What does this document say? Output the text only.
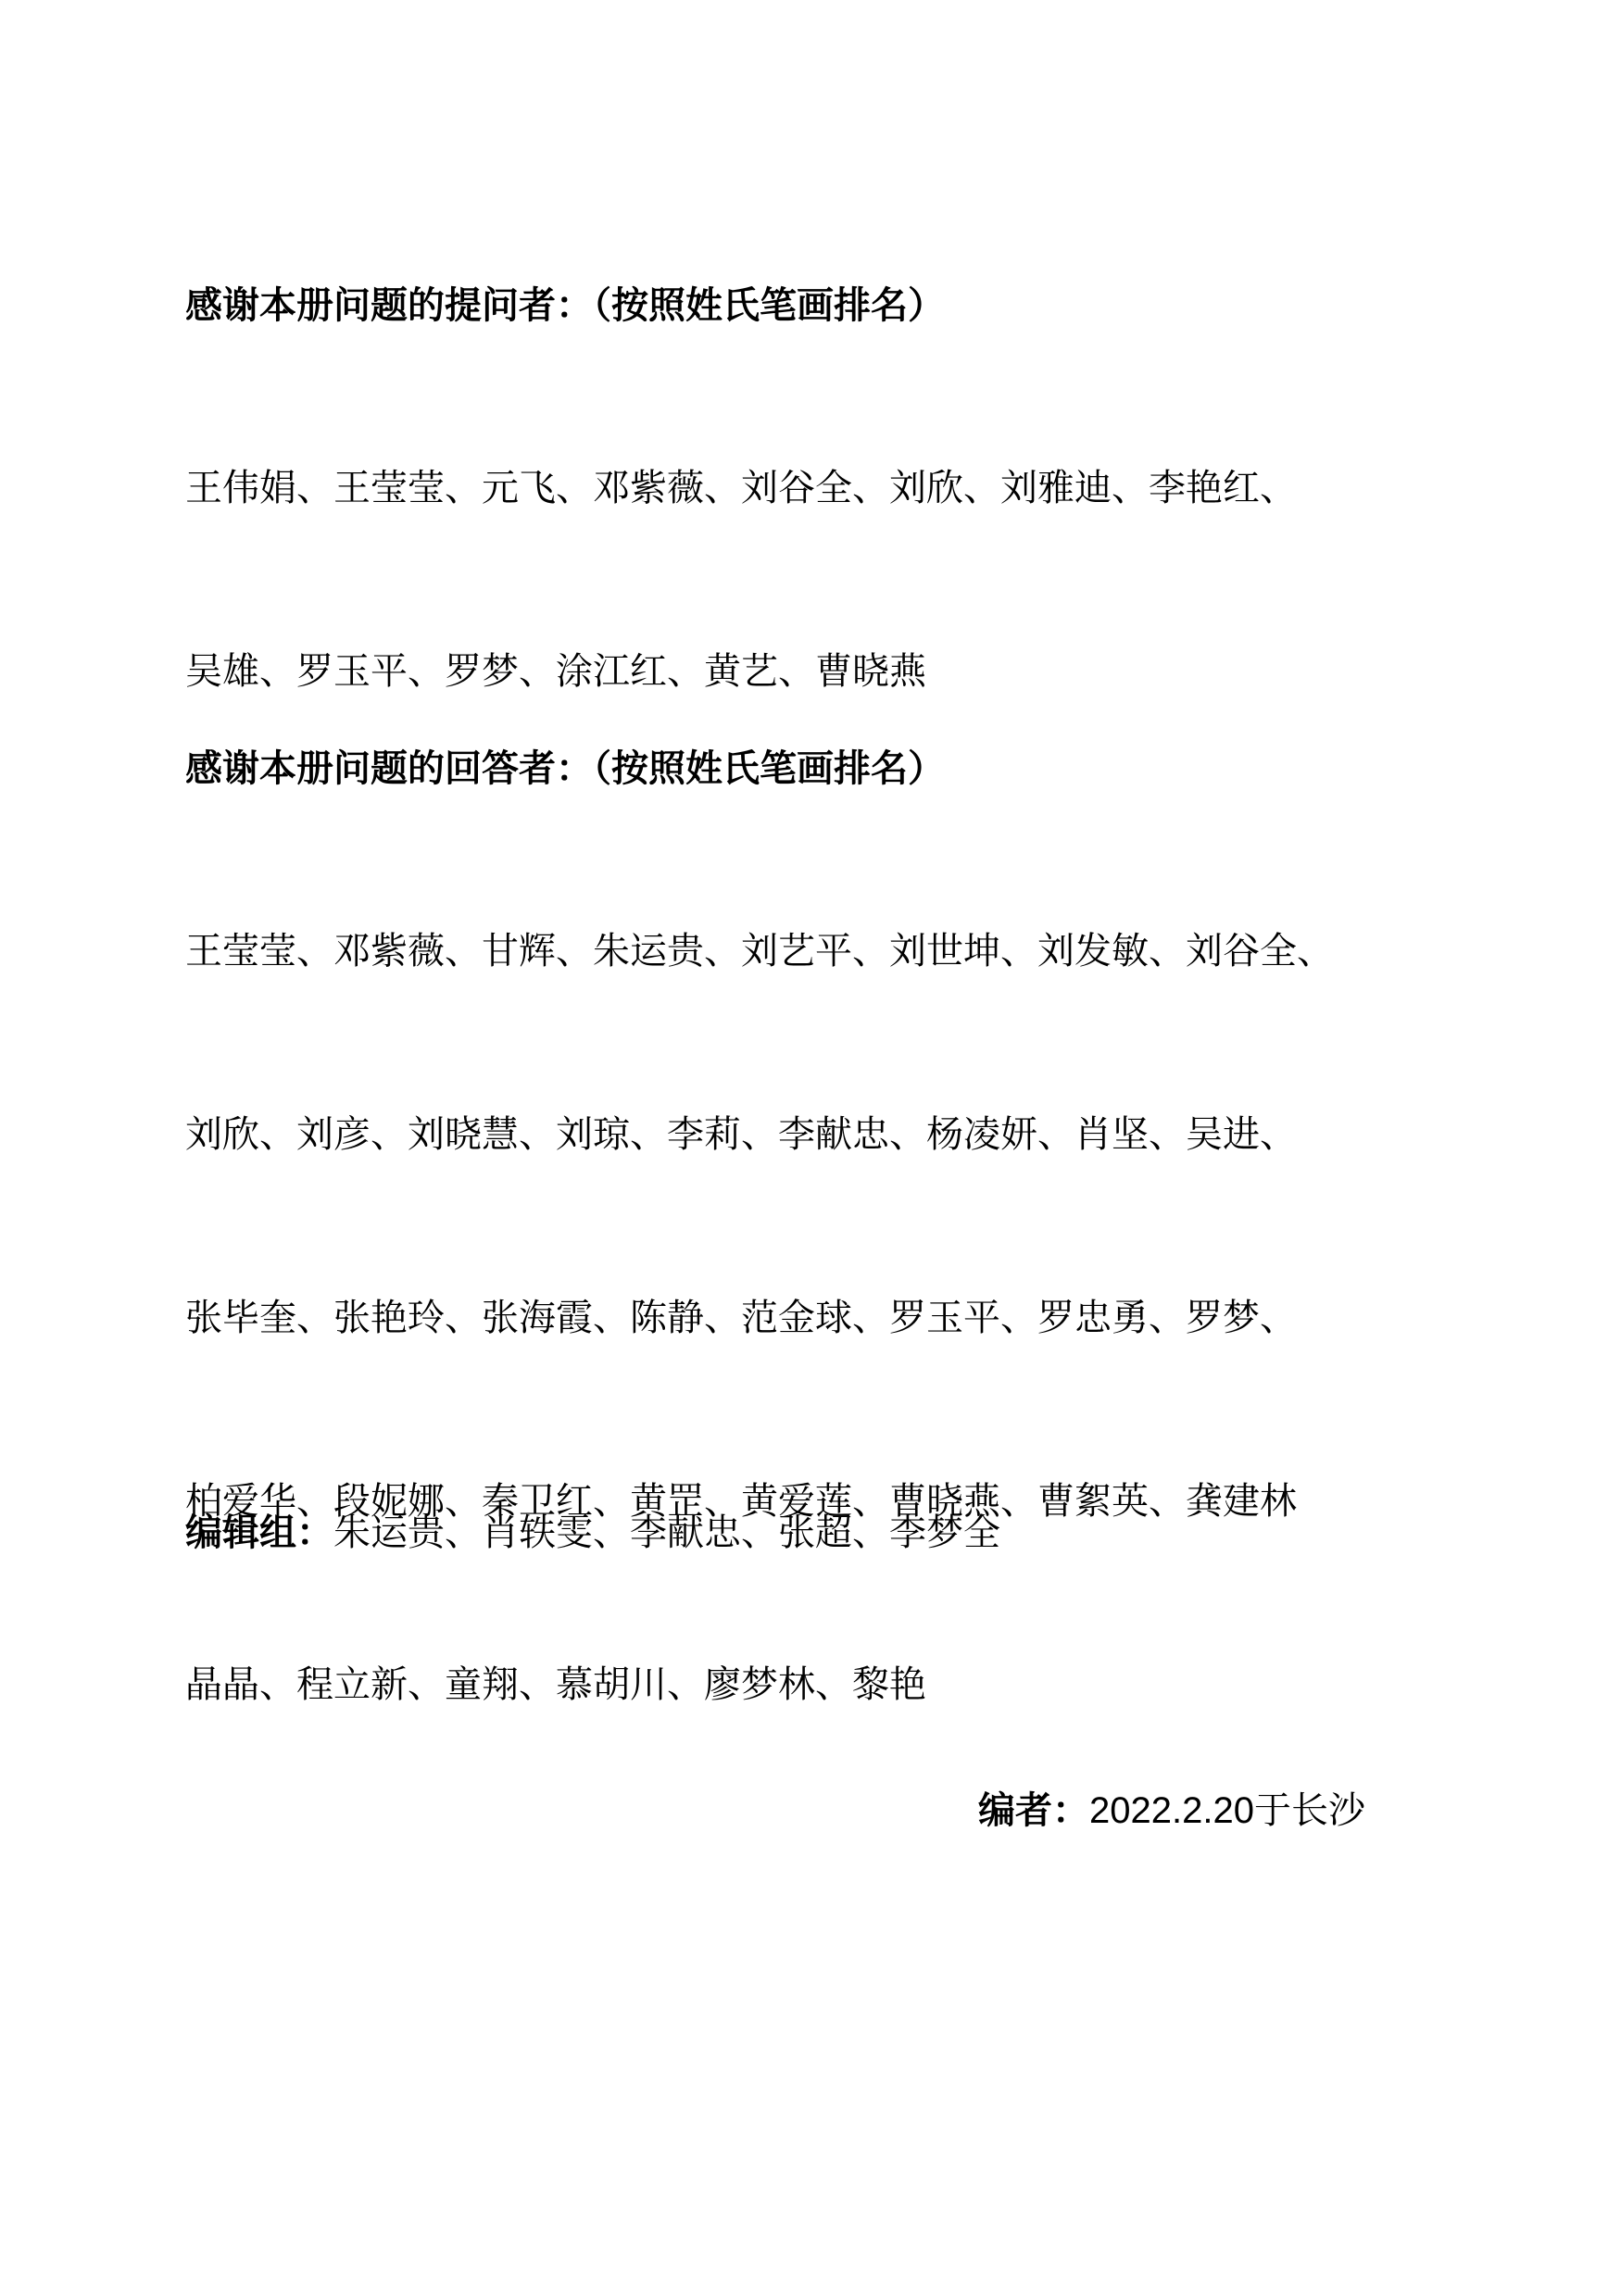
感谢本册问题的提问者：（按照姓氏笔画排名）

王伟娟、王莹莹、元飞、邓紫薇、刘谷全、刘欣、刘雅迪、李艳红、

吴雄、罗玉平、罗梦、涂江红、黄艺、曹晓燕

感谢本册问题的回答者：（按照姓氏笔画排名）

王莹莹、邓紫薇、甘辉、朱运贵、刘艺平、刘世坤、刘发敏、刘谷全、

刘欣、刘彦、刘晓慧、刘琼、李莉、李献忠、杨凌妍、肖坚、吴进、

张毕奎、张艳玲、张海霞、陈静、范金球、罗玉平、罗忠勇、罗梦、

柏爱华、段妮娜、秦卫红、黄罡、黄爱莲、曹晓燕、曹絮英、龚建林

晶晶、程立新、童翔、慕胡川、廖梦林、黎艳

编辑组：朱运贵、肖轶雯、李献忠、张超、李梦全
编者：2022.2.20于长沙
